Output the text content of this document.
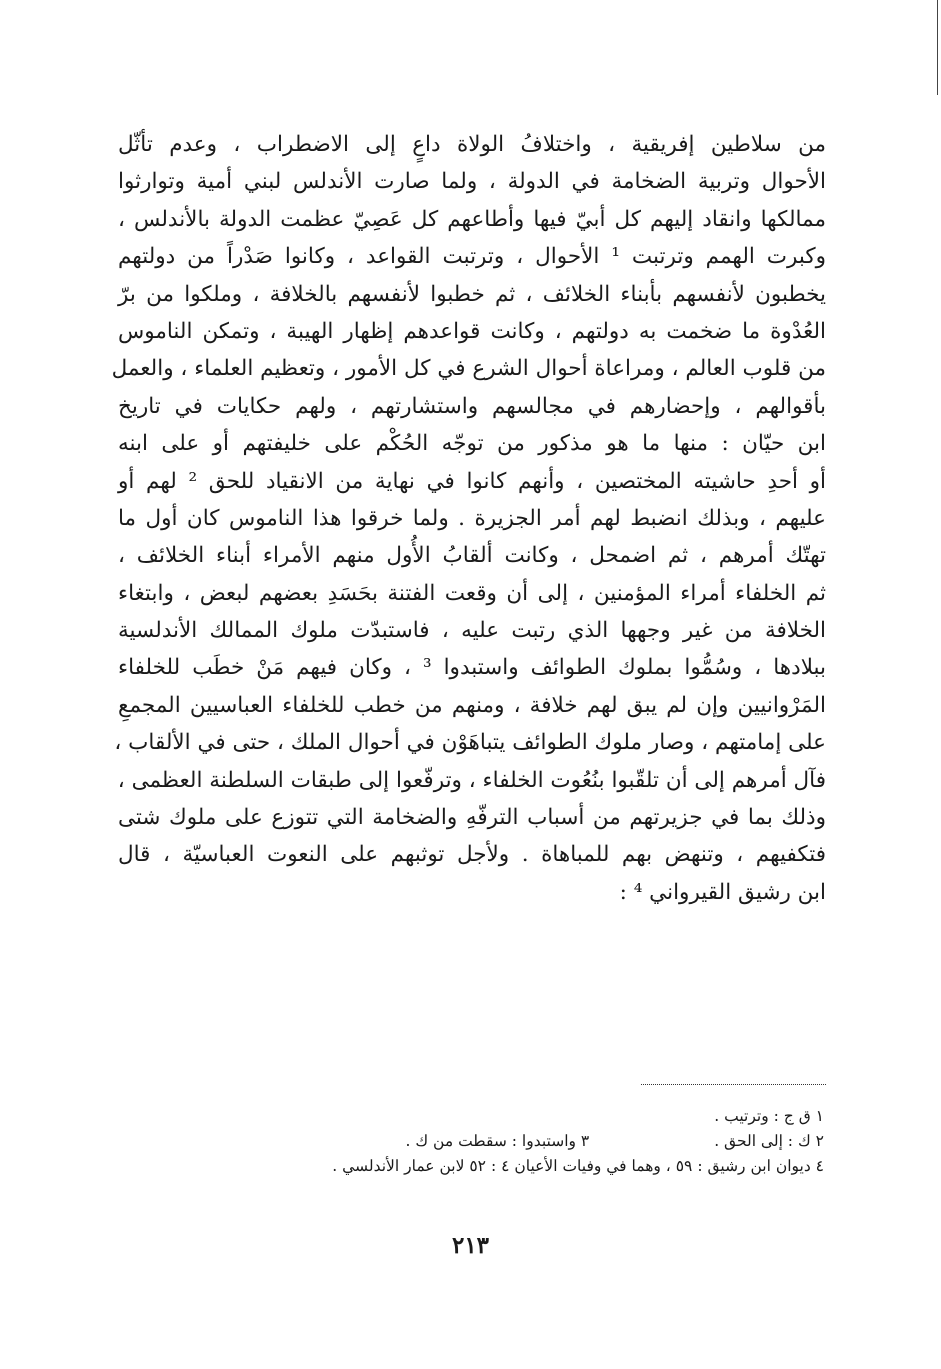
من سلاطين إفريقية ، واختلافُ الولاة داعٍ إلى الاضطراب ، وعدم تأثّل
الأحوال وتربية الضخامة في الدولة ، ولما صارت الأندلس لبني أمية وتوارثوا
ممالكها وانقاد إليهم كل أبيّ فيها وأطاعهم كل عَصِيّ عظمت الدولة بالأندلس ،
وكبرت الهمم وترتبت ¹ الأحوال ، وترتبت القواعد ، وكانوا صَدْراً من دولتهم
يخطبون لأنفسهم بأبناء الخلائف ، ثم خطبوا لأنفسهم بالخلافة ، وملكوا من برّ
العُدْوة ما ضخمت به دولتهم ، وكانت قواعدهم إظهار الهيبة ، وتمكن الناموس
من قلوب العالم ، ومراعاة أحوال الشرع في كل الأمور ، وتعظيم العلماء ، والعمل
بأقوالهم ، وإحضارهم في مجالسهم واستشارتهم ، ولهم حكايات في تاريخ
ابن حيّان : منها ما هو مذكور من توجّه الحُكْم على خليفتهم أو على ابنه
أو أحدِ حاشيته المختصين ، وأنهم كانوا في نهاية من الانقياد للحق ² لهم أو
عليهم ، وبذلك انضبط لهم أمر الجزيرة . ولما خرقوا هذا الناموس كان أول ما
تهتّك أمرهم ، ثم اضمحل ، وكانت ألقابُ الأُول منهم الأمراء أبناء الخلائف ،
ثم الخلفاء أمراء المؤمنين ، إلى أن وقعت الفتنة بحَسَدِ بعضهم لبعض ، وابتغاء
الخلافة من غير وجهها الذي رتبت عليه ، فاستبدّت ملوك الممالك الأندلسية
ببلادها ، وسُمُّوا بملوك الطوائف واستبدوا ³ ، وكان فيهم مَنْ خطَب للخلفاء
المَرْوانيين وإن لم يبق لهم خلافة ، ومنهم من خطب للخلفاء العباسيين المجمعِ
على إمامتهم ، وصار ملوك الطوائف يتباهَوْن في أحوال الملك ، حتى في الألقاب ،
فآل أمرهم إلى أن تلقّبوا بنُعُوت الخلفاء ، وترفّعوا إلى طبقات السلطنة العظمى ،
وذلك بما في جزيرتهم من أسباب الترفّهِ والضخامة التي تتوزع على ملوك شتى
فتكفيهم ، وتنهض بهم للمباهاة . ولأجل توثبهم على النعوت العباسيّة ، قال
ابن رشيق القيرواني ⁴ :
١ ق ج : وترتيب .
٢ ك : إلى الحق . ٣ واستبدوا : سقطت من ك .
٤ ديوان ابن رشيق : ٥٩ ، وهما في وفيات الأعيان ٤ : ٥٢ لابن عمار الأندلسي .
٢١٣
